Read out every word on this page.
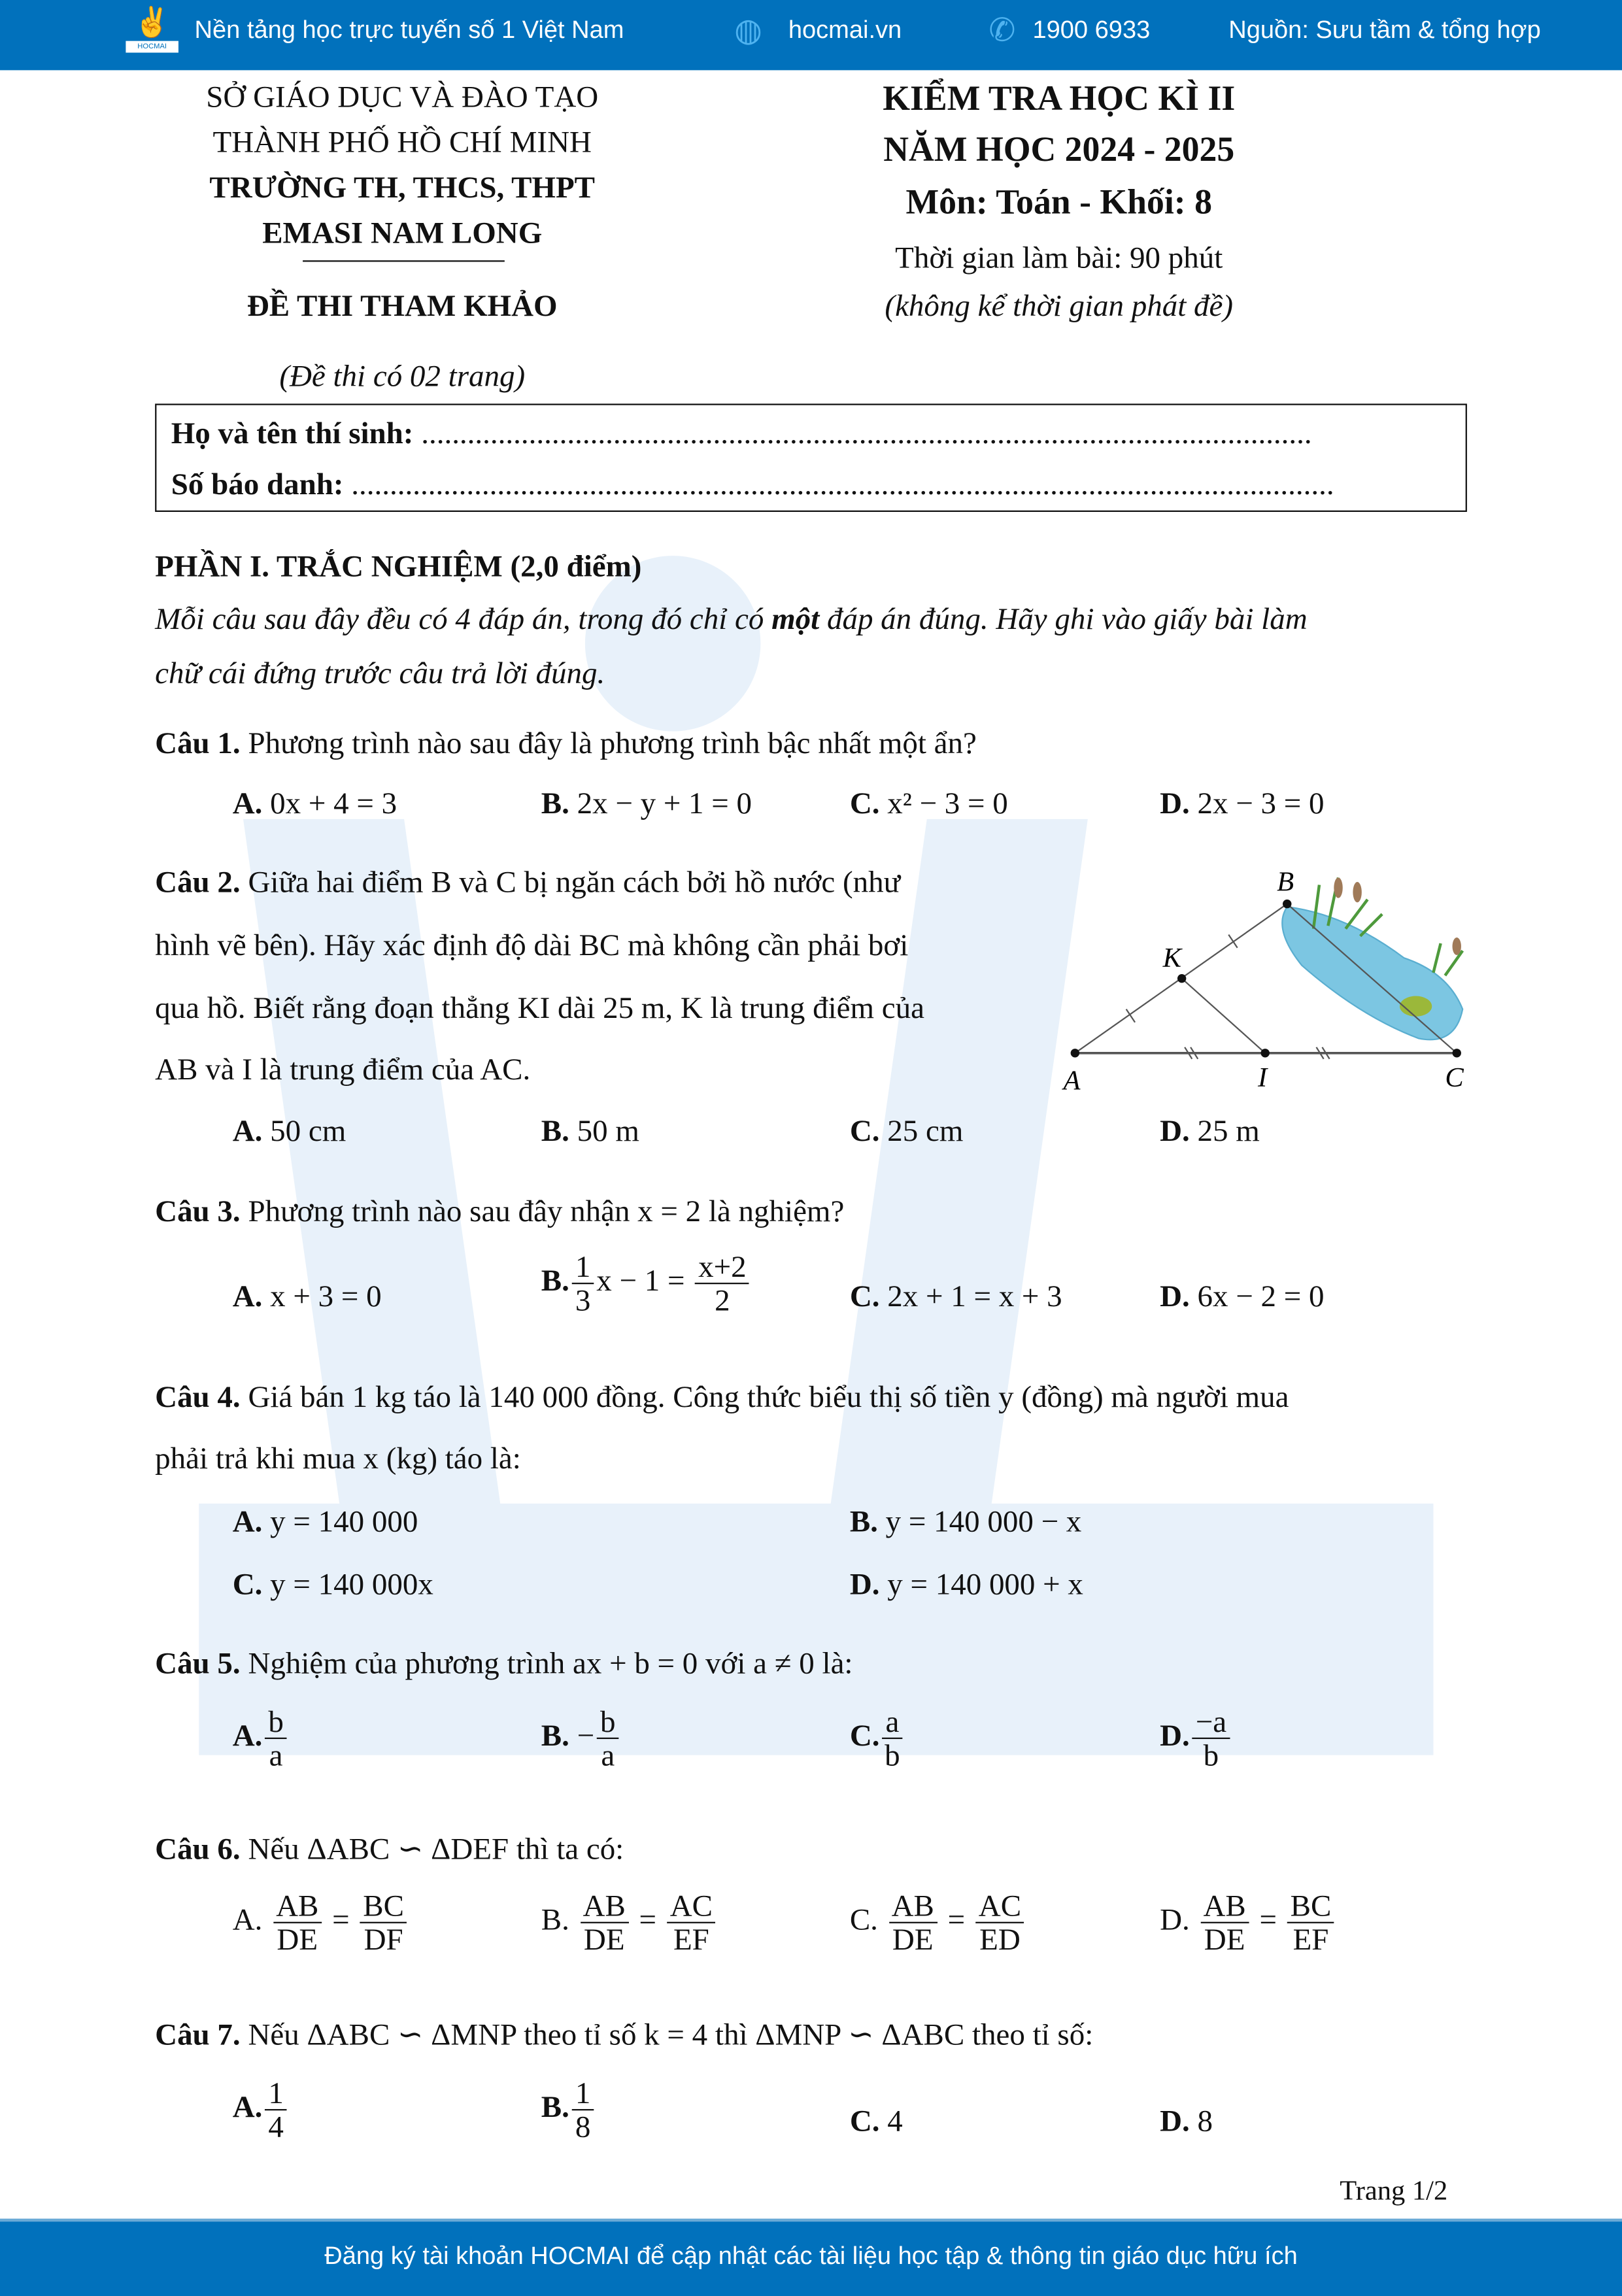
✌
HOCMAI
Nền tảng học trực tuyến số 1 Việt Nam	◍ hocmai.vn	✆ 1900 6933	Nguồn: Sưu tầm & tổng hợp
SỞ GIÁO DỤC VÀ ĐÀO TẠO
THÀNH PHỐ HỒ CHÍ MINH
TRƯỜNG TH, THCS, THPT
EMASI NAM LONG
ĐỀ THI THAM KHẢO
(Đề thi có 02 trang)
KIỂM TRA HỌC KÌ II
NĂM HỌC 2024 - 2025
Môn: Toán - Khối: 8
Thời gian làm bài: 90 phút
(không kể thời gian phát đề)
Họ và tên thí sinh: ....................................................................................................................
Số báo danh: ................................................................................................................................
PHẦN I. TRẮC NGHIỆM (2,0 điểm)
Mỗi câu sau đây đều có 4 đáp án, trong đó chỉ có một đáp án đúng. Hãy ghi vào giấy bài làm
chữ cái đứng trước câu trả lời đúng.
Câu 1. Phương trình nào sau đây là phương trình bậc nhất một ẩn?
A. 0x + 4 = 3	B. 2x − y + 1 = 0	C. x² − 3 = 0	D. 2x − 3 = 0
Câu 2. Giữa hai điểm B và C bị ngăn cách bởi hồ nước (như
hình vẽ bên). Hãy xác định độ dài BC mà không cần phải bơi
qua hồ. Biết rằng đoạn thẳng KI dài 25 m, K là trung điểm của
AB và I là trung điểm của AC.	A
B
C
K
I
A. 50 cm	B. 50 m	C. 25 cm	D. 25 m
Câu 3. Phương trình nào sau đây nhận x = 2 là nghiệm?
A. x + 3 = 0	B. $\frac{1}{3}$ $x - 1 = \frac{x+2}{2}$	C. 2x + 1 = x + 3	D. 6x − 2 = 0
Câu 4. Giá bán 1 kg táo là 140 000 đồng. Công thức biểu thị số tiền y (đồng) mà người mua
phải trả khi mua x (kg) táo là:
A. y = 140 000	B. y = 140 000 − x
C. y = 140 000x	D. y = 140 000 + x
Câu 5. Nghiệm của phương trình ax + b = 0 với a ≠ 0 là:
A. $\frac{b}{a}$	B. − $\frac{b}{a}$	C. $\frac{a}{b}$	D. $\frac{-a}{b}$
Câu 6. Nếu ΔABC ∽ ΔDEF thì ta có:
A. $\frac{AB}{DE} = \frac{BC}{DF}$	B. $\frac{AB}{DE} = \frac{AC}{EF}$	C. $\frac{AB}{DE} = \frac{AC}{ED}$	D. $\frac{AB}{DE} = \frac{BC}{EF}$
Câu 7. Nếu ΔABC ∽ ΔMNP theo tỉ số k = 4 thì ΔMNP ∽ ΔABC theo tỉ số:
A. $\frac{1}{4}$	B. $\frac{1}{8}$	C. 4	D. 8
Trang 1/2
Đăng ký tài khoản HOCMAI để cập nhật các tài liệu học tập & thông tin giáo dục hữu ích
